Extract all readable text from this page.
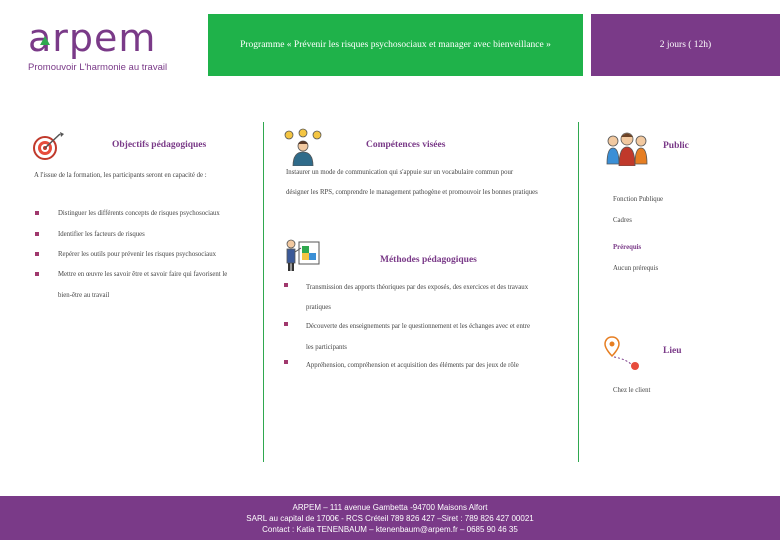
arpem
Promouvoir L'harmonie au travail
Programme « Prévenir les risques psychosociaux et manager avec bienveillance »	2 jours ( 12h)
Objectifs pédagogiques
A l'issue de la formation, les participants seront en capacité de :
Distinguer les différents concepts de risques psychosociaux
Identifier les facteurs de risques
Repérer les outils pour prévenir les risques psychosociaux
Mettre en œuvre les savoir être et savoir faire qui favorisent le
bien-être au travail
Compétences visées
Instaurer un mode de communication qui s'appuie sur un vocabulaire commun pour
désigner les RPS, comprendre le management pathogène et promouvoir les bonnes pratiques
Méthodes pédagogiques
Transmission des apports théoriques par des exposés, des exercices et des travaux
pratiques
Découverte des enseignements par le questionnement et les échanges avec et entre
les participants
Appréhension, compréhension et acquisition des éléments par des jeux de rôle
Public
Fonction Publique
Cadres
Prérequis
Aucun prérequis
Lieu
Chez le client
ARPEM – 111 avenue Gambetta -94700 Maisons Alfort
SARL au capital de 1700€ - RCS Créteil 789 826 427 –Siret : 789 826 427 00021
Contact : Katia TENENBAUM – ktenenbaum@arpem.fr – 0685 90 46 35
